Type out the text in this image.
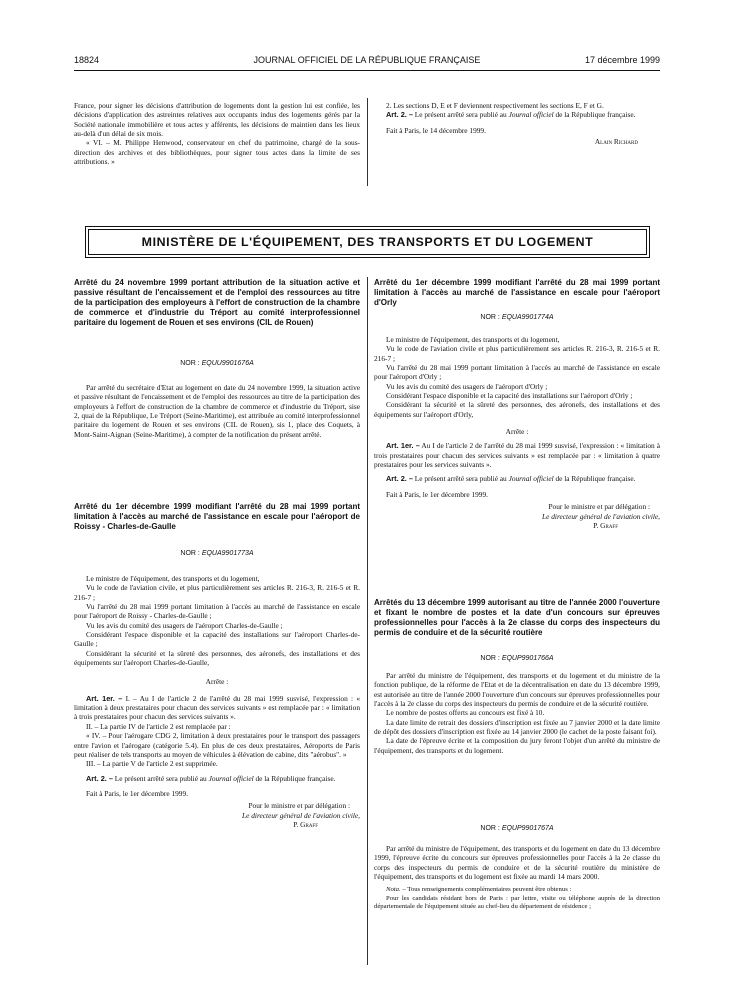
18824	JOURNAL OFFICIEL DE LA RÉPUBLIQUE FRANÇAISE	17 décembre 1999

France, pour signer les décisions d'attribution de logements dont la gestion lui est confiée, les décisions d'application des astreintes relatives aux occupants indus des logements gérés par la Société nationale immobilière et tous actes y afférents, les décisions de maintien dans les lieux au-delà d'un délai de six mois.

« VI. – M. Philippe Henwood, conservateur en chef du patrimoine, chargé de la sous-direction des archives et des bibliothèques, pour signer tous actes dans la limite de ses attributions. »

2. Les sections D, E et F deviennent respectivement les sections E, F et G.

Art. 2. – Le présent arrêté sera publié au Journal officiel de la République française.

Fait à Paris, le 14 décembre 1999.

Alain Richard

MINISTÈRE DE L'ÉQUIPEMENT, DES TRANSPORTS ET DU LOGEMENT
Arrêté du 24 novembre 1999 portant attribution de la situation active et passive résultant de l'encaissement et de l'emploi des ressources au titre de la participation des employeurs à l'effort de construction de la chambre de commerce et d'industrie du Tréport au comité interprofessionnel paritaire du logement de Rouen et ses environs (CIL de Rouen)
NOR : EQUU9901676A

Par arrêté du secrétaire d'Etat au logement en date du 24 novembre 1999, la situation active et passive résultant de l'encaissement et de l'emploi des ressources au titre de la participation des employeurs à l'effort de construction de la chambre de commerce et d'industrie du Tréport, sise 2, quai de la République, Le Tréport (Seine-Maritime), est attribuée au comité interprofessionnel paritaire du logement de Rouen et ses environs (CIL de Rouen), sis 1, place des Coquets, à Mont-Saint-Aignan (Seine-Maritime), à compter de la notification du présent arrêté.

Arrêté du 1er décembre 1999 modifiant l'arrêté du 28 mai 1999 portant limitation à l'accès au marché de l'assistance en escale pour l'aéroport de Roissy - Charles-de-Gaulle
NOR : EQUA9901773A

Le ministre de l'équipement, des transports et du logement,

Vu le code de l'aviation civile, et plus particulièrement ses articles R. 216-3, R. 216-5 et R. 216-7 ;

Vu l'arrêté du 28 mai 1999 portant limitation à l'accès au marché de l'assistance en escale pour l'aéroport de Roissy - Charles-de-Gaulle ;

Vu les avis du comité des usagers de l'aéroport Charles-de-Gaulle ;

Considérant l'espace disponible et la capacité des installations sur l'aéroport Charles-de-Gaulle ;

Considérant la sécurité et la sûreté des personnes, des aéronefs, des installations et des équipements sur l'aéroport Charles-de-Gaulle,

Arrête :

Art. 1er. – I. – Au I de l'article 2 de l'arrêté du 28 mai 1999 susvisé, l'expression : « limitation à deux prestataires pour chacun des services suivants » est remplacée par : « limitation à trois prestataires pour chacun des services suivants ».

II. – La partie IV de l'article 2 est remplacée par :

« IV. – Pour l'aérogare CDG 2, limitation à deux prestataires pour le transport des passagers entre l'avion et l'aérogare (catégorie 5.4). En plus de ces deux prestataires, Aéroports de Paris peut réaliser de tels transports au moyen de véhicules à élévation de cabine, dits "aérobus". »

III. – La partie V de l'article 2 est supprimée.

Art. 2. – Le présent arrêté sera publié au Journal officiel de la République française.

Fait à Paris, le 1er décembre 1999.

Pour le ministre et par délégation :

Le directeur général de l'aviation civile,

P. Graff

Arrêté du 1er décembre 1999 modifiant l'arrêté du 28 mai 1999 portant limitation à l'accès au marché de l'assistance en escale pour l'aéroport d'Orly
NOR : EQUA9901774A

Le ministre de l'équipement, des transports et du logement,

Vu le code de l'aviation civile et plus particulièrement ses articles R. 216-3, R. 216-5 et R. 216-7 ;

Vu l'arrêté du 28 mai 1999 portant limitation à l'accès au marché de l'assistance en escale pour l'aéroport d'Orly ;

Vu les avis du comité des usagers de l'aéroport d'Orly ;

Considérant l'espace disponible et la capacité des installations sur l'aéroport d'Orly ;

Considérant la sécurité et la sûreté des personnes, des aéronefs, des installations et des équipements sur l'aéroport d'Orly,

Arrête :

Art. 1er. – Au I de l'article 2 de l'arrêté du 28 mai 1999 susvisé, l'expression : « limitation à trois prestataires pour chacun des services suivants » est remplacée par : « limitation à quatre prestataires pour les services suivants ».

Art. 2. – Le présent arrêté sera publié au Journal officiel de la République française.

Fait à Paris, le 1er décembre 1999.

Pour le ministre et par délégation :

Le directeur général de l'aviation civile,

P. Graff

Arrêtés du 13 décembre 1999 autorisant au titre de l'année 2000 l'ouverture et fixant le nombre de postes et la date d'un concours sur épreuves professionnelles pour l'accès à la 2e classe du corps des inspecteurs du permis de conduire et de la sécurité routière
NOR : EQUP9901766A

Par arrêté du ministre de l'équipement, des transports et du logement et du ministre de la fonction publique, de la réforme de l'Etat et de la décentralisation en date du 13 décembre 1999, est autorisée au titre de l'année 2000 l'ouverture d'un concours sur épreuves professionnelles pour l'accès à la 2e classe du corps des inspecteurs du permis de conduire et de la sécurité routière.

Le nombre de postes offerts au concours est fixé à 10.

La date limite de retrait des dossiers d'inscription est fixée au 7 janvier 2000 et la date limite de dépôt des dossiers d'inscription est fixée au 14 janvier 2000 (le cachet de la poste faisant foi).

La date de l'épreuve écrite et la composition du jury feront l'objet d'un arrêté du ministre de l'équipement, des transports et du logement.

NOR : EQUP9901767A

Par arrêté du ministre de l'équipement, des transports et du logement en date du 13 décembre 1999, l'épreuve écrite du concours sur épreuves professionnelles pour l'accès à la 2e classe du corps des inspecteurs du permis de conduire et de la sécurité routière du ministère de l'équipement, des transports et du logement est fixée au mardi 14 mars 2000.

Nota. – Tous renseignements complémentaires peuvent être obtenus :

Pour les candidats résidant hors de Paris : par lettre, visite ou téléphone auprès de la direction départementale de l'équipement située au chef-lieu du département de résidence ;
